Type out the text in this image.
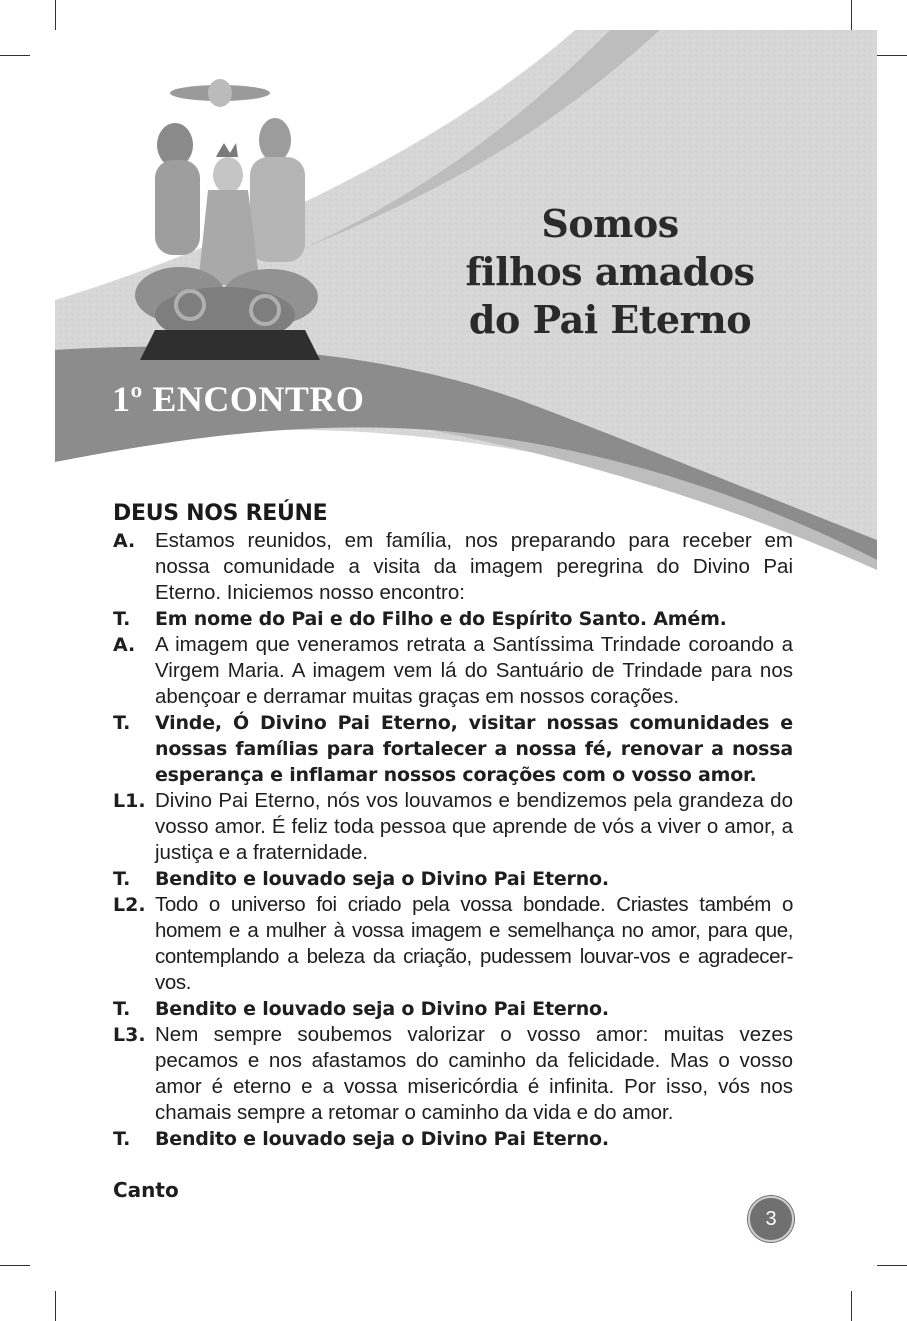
Somos
filhos amados
do Pai Eterno
1º ENCONTRO
DEUS NOS REÚNE
A. Estamos reunidos, em família, nos preparando para receber em nossa comunidade a visita da imagem peregrina do Divino Pai Eterno. Iniciemos nosso encontro:
T.	Em nome do Pai e do Filho e do Espírito Santo. Amém.
A. A imagem que veneramos retrata a Santíssima Trindade coroando a Virgem Maria. A imagem vem lá do Santuário de Trindade para nos abençoar e derramar muitas graças em nossos corações.
T.	Vinde, Ó Divino Pai Eterno, visitar nossas comunidades e nossas famílias para fortalecer a nossa fé, renovar a nossa esperança e inflamar nossos corações com o vosso amor.
L1. Divino Pai Eterno, nós vos louvamos e bendizemos pela grandeza do vosso amor. É feliz toda pessoa que aprende de vós a viver o amor, a justiça e a fraternidade.
T.	Bendito e louvado seja o Divino Pai Eterno.
L2. Todo o universo foi criado pela vossa bondade. Criastes também o homem e a mulher à vossa imagem e semelhança no amor, para que, contemplando a beleza da criação, pudessem louvar-vos e agradecer-vos.
T.	Bendito e louvado seja o Divino Pai Eterno.
L3. Nem sempre soubemos valorizar o vosso amor: muitas vezes pecamos e nos afastamos do caminho da felicidade. Mas o vosso amor é eterno e a vossa misericórdia é infinita. Por isso, vós nos chamais sempre a retomar o caminho da vida e do amor.
T.	Bendito e louvado seja o Divino Pai Eterno.
Canto
3
